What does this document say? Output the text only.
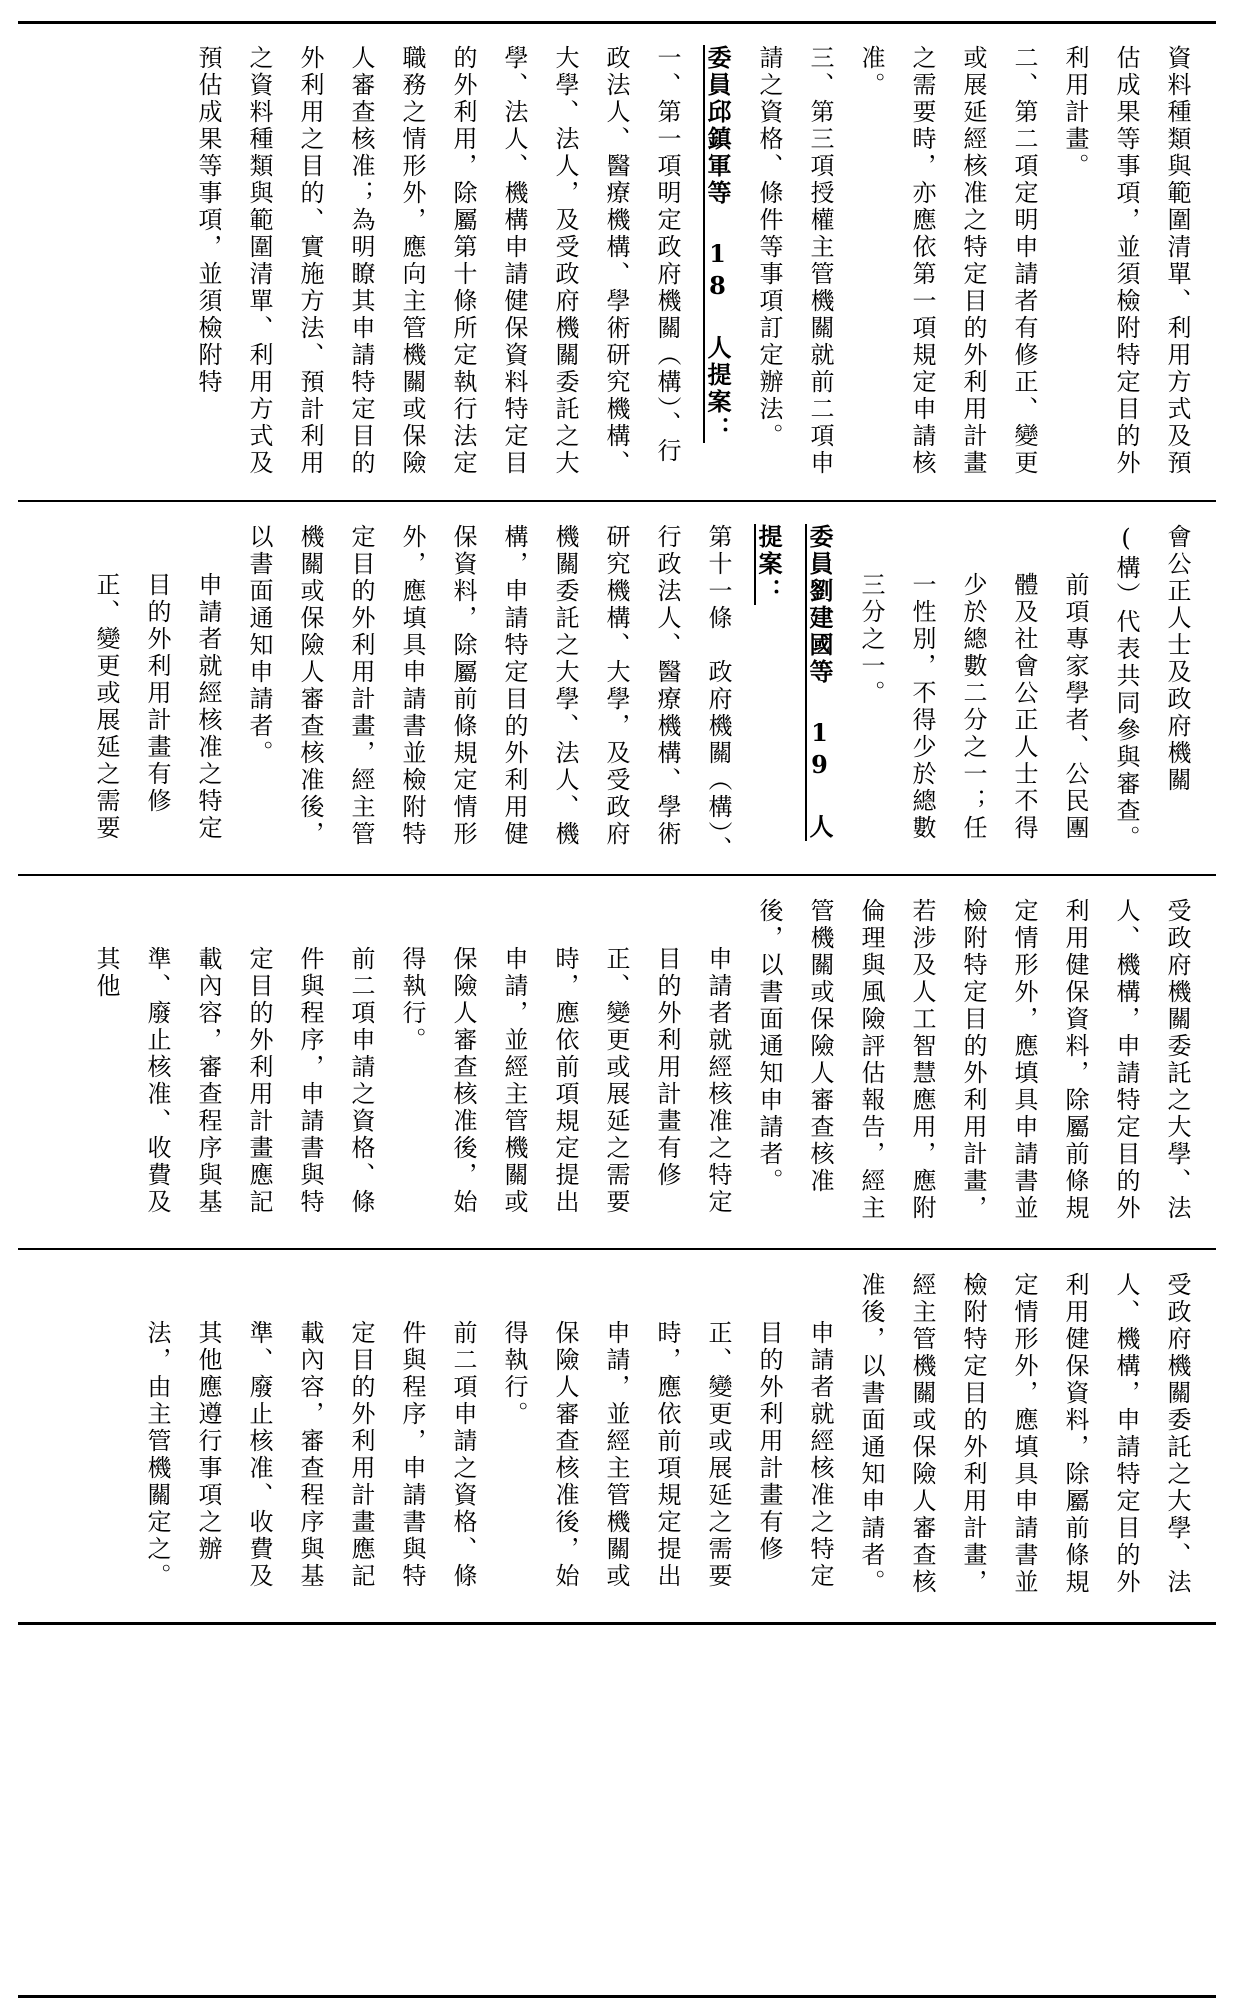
資料種類與範圍清單、利用方式及預估成果等事項，並須檢附特定目的外利用計畫。
二、第二項定明申請者有修正、變更或展延經核准之特定目的外利用計畫之需要時，亦應依第一項規定申請核准。
三、第三項授權主管機關就前二項申請之資格、條件等事項訂定辦法。
委員邱鎮軍等 18 人提案：
一、第一項明定政府機關（構）、行政法人、醫療機構、學術研究機構、大學、法人，及受政府機關委託之大學、法人、機構申請健保資料特定目的外利用，除屬第十條所定執行法定職務之情形外，應向主管機關或保險人審查核准；為明瞭其申請特定目的外利用之目的、實施方法、預計利用之資料種類與範圍清單、利用方式及預估成果等事項，並須檢附特
會公正人士及政府機關(構）代表共同參與審查。
前項專家學者、公民團體及社會公正人士不得少於總數二分之一；任一性別，不得少於總數三分之一。
委員劉建國等 19 人提案：
第十一條　政府機關（構）、行政法人、醫療機構、學術研究機構、大學，及受政府機關委託之大學、法人、機構，申請特定目的外利用健保資料，除屬前條規定情形外，應填具申請書並檢附特定目的外利用計畫，經主管機關或保險人審查核准後，以書面通知申請者。
申請者就經核准之特定目的外利用計畫有修正、變更或展延之需要
受政府機關委託之大學、法人、機構，申請特定目的外利用健保資料，除屬前條規定情形外，應填具申請書並檢附特定目的外利用計畫，若涉及人工智慧應用，應附倫理與風險評估報告，經主管機關或保險人審查核准後，以書面通知申請者。
申請者就經核准之特定目的外利用計畫有修正、變更或展延之需要時，應依前項規定提出申請，並經主管機關或保險人審查核准後，始得執行。
前二項申請之資格、條件與程序，申請書與特定目的外利用計畫應記載內容，審查程序與基準、廢止核准、收費及其他
受政府機關委託之大學、法人、機構，申請特定目的外利用健保資料，除屬前條規定情形外，應填具申請書並檢附特定目的外利用計畫，經主管機關或保險人審查核准後，以書面通知申請者。
申請者就經核准之特定目的外利用計畫有修正、變更或展延之需要時，應依前項規定提出申請，並經主管機關或保險人審查核准後，始得執行。
前二項申請之資格、條件與程序，申請書與特定目的外利用計畫應記載內容，審查程序與基準、廢止核准、收費及其他應遵行事項之辦法，由主管機關定之。
